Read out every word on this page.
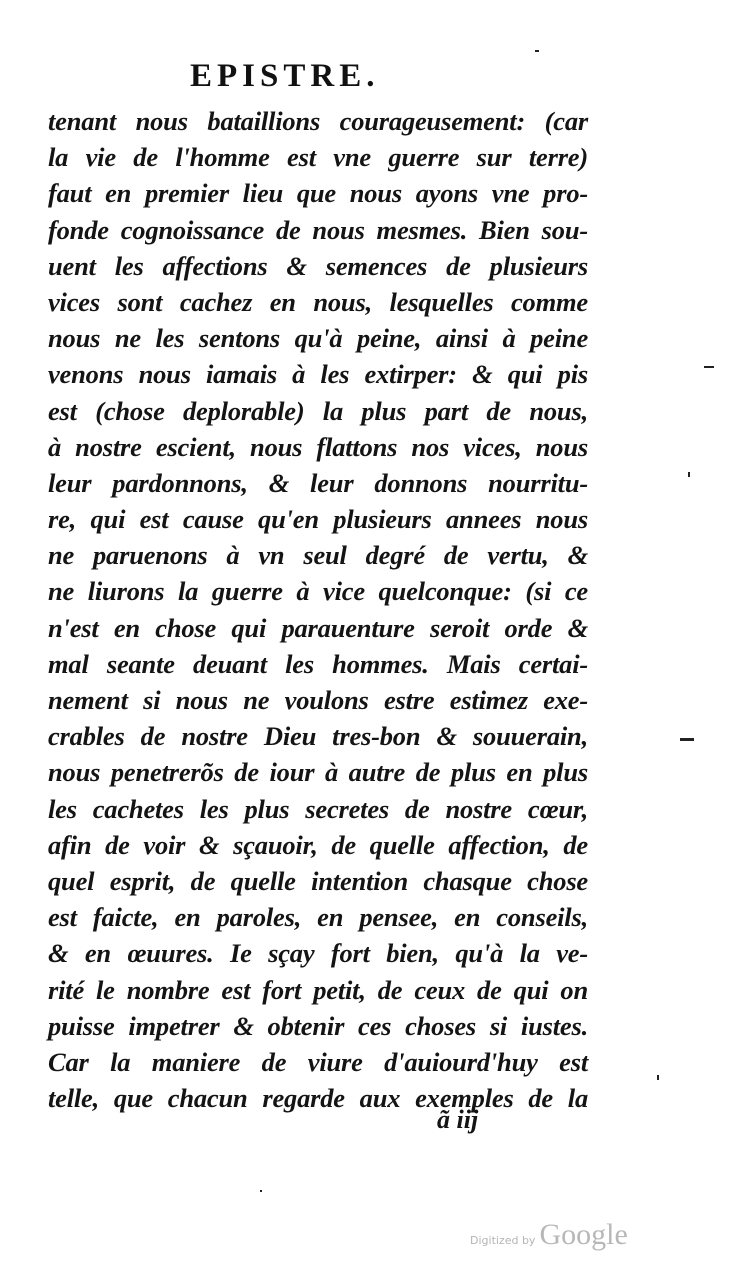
EPISTRE.
tenant nous bataillions courageusement: (car
la vie de l'homme est vne guerre sur terre)
faut en premier lieu que nous ayons vne pro-
fonde cognoissance de nous mesmes. Bien sou-
uent les affections & semences de plusieurs
vices sont cachez en nous, lesquelles comme
nous ne les sentons qu'à peine, ainsi à peine
venons nous iamais à les extirper: & qui pis
est (chose deplorable) la plus part de nous,
à nostre escient, nous flattons nos vices, nous
leur pardonnons, & leur donnons nourritu-
re, qui est cause qu'en plusieurs annees nous
ne paruenons à vn seul degré de vertu, &
ne liurons la guerre à vice quelconque: (si ce
n'est en chose qui parauenture seroit orde &
mal seante deuant les hommes. Mais certai-
nement si nous ne voulons estre estimez exe-
crables de nostre Dieu tres-bon & souuerain,
nous penetrerõs de iour à autre de plus en plus
les cachetes les plus secretes de nostre cœur,
afin de voir & sçauoir, de quelle affection, de
quel esprit, de quelle intention chasque chose
est faicte, en paroles, en pensee, en conseils,
& en œuures. Ie sçay fort bien, qu'à la ve-
rité le nombre est fort petit, de ceux de qui on
puisse impetrer & obtenir ces choses si iustes.
Car la maniere de viure d'auiourd'huy est
telle, que chacun regarde aux exemples de la
ã iij
Digitized by Google
